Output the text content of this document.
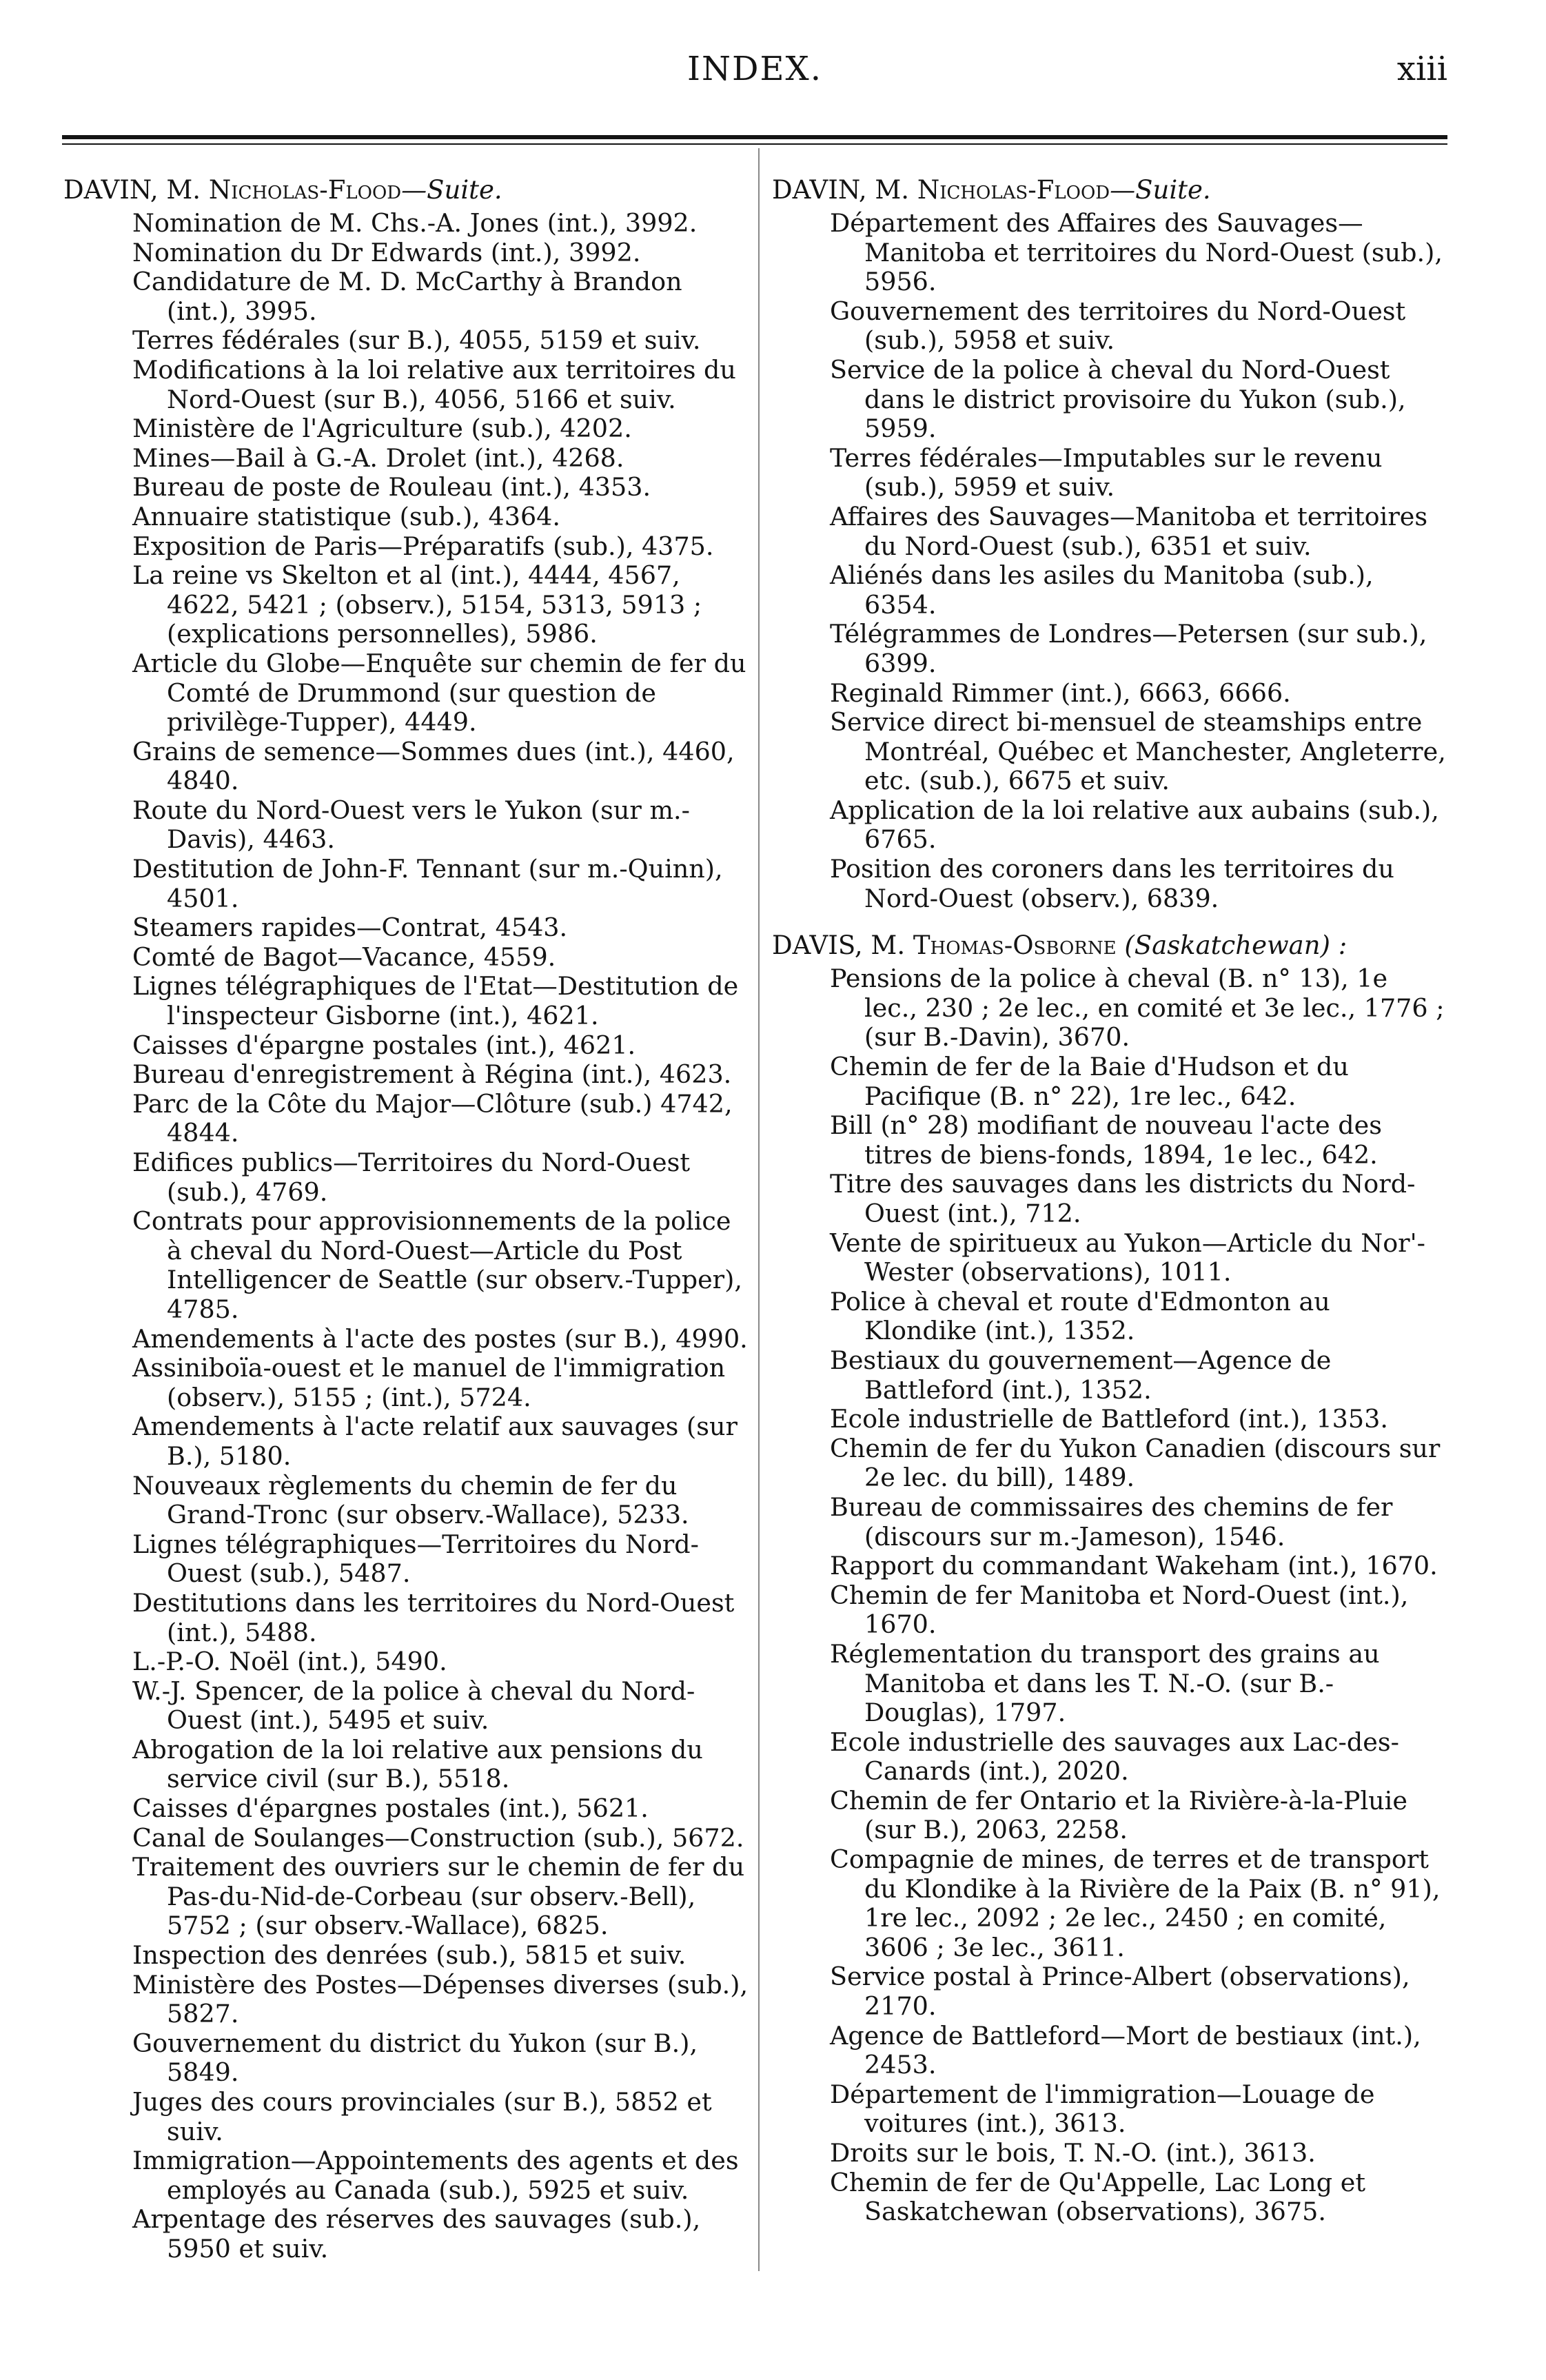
INDEX.	xiii
DAVIN, M. Nicholas-Flood—Suite.
Nomination de M. Chs.-A. Jones (int.), 3992.
Nomination du Dr Edwards (int.), 3992.
Candidature de M. D. McCarthy à Brandon (int.), 3995.
Terres fédérales (sur B.), 4055, 5159 et suiv.
Modifications à la loi relative aux territoires du Nord-Ouest (sur B.), 4056, 5166 et suiv.
Ministère de l'Agriculture (sub.), 4202.
Mines—Bail à G.-A. Drolet (int.), 4268.
Bureau de poste de Rouleau (int.), 4353.
Annuaire statistique (sub.), 4364.
Exposition de Paris—Préparatifs (sub.), 4375.
La reine vs Skelton et al (int.), 4444, 4567, 4622, 5421 ; (observ.), 5154, 5313, 5913 ; (explications personnelles), 5986.
Article du Globe—Enquête sur chemin de fer du Comté de Drummond (sur question de privilège-Tupper), 4449.
Grains de semence—Sommes dues (int.), 4460, 4840.
Route du Nord-Ouest vers le Yukon (sur m.-Davis), 4463.
Destitution de John-F. Tennant (sur m.-Quinn), 4501.
Steamers rapides—Contrat, 4543.
Comté de Bagot—Vacance, 4559.
Lignes télégraphiques de l'Etat—Destitution de l'inspecteur Gisborne (int.), 4621.
Caisses d'épargne postales (int.), 4621.
Bureau d'enregistrement à Régina (int.), 4623.
Parc de la Côte du Major—Clôture (sub.) 4742, 4844.
Edifices publics—Territoires du Nord-Ouest (sub.), 4769.
Contrats pour approvisionnements de la police à cheval du Nord-Ouest—Article du Post Intelligencer de Seattle (sur observ.-Tupper), 4785.
Amendements à l'acte des postes (sur B.), 4990.
Assiniboïa-ouest et le manuel de l'immigration (observ.), 5155 ; (int.), 5724.
Amendements à l'acte relatif aux sauvages (sur B.), 5180.
Nouveaux règlements du chemin de fer du Grand-Tronc (sur observ.-Wallace), 5233.
Lignes télégraphiques—Territoires du Nord-Ouest (sub.), 5487.
Destitutions dans les territoires du Nord-Ouest (int.), 5488.
L.-P.-O. Noël (int.), 5490.
W.-J. Spencer, de la police à cheval du Nord-Ouest (int.), 5495 et suiv.
Abrogation de la loi relative aux pensions du service civil (sur B.), 5518.
Caisses d'épargnes postales (int.), 5621.
Canal de Soulanges—Construction (sub.), 5672.
Traitement des ouvriers sur le chemin de fer du Pas-du-Nid-de-Corbeau (sur observ.-Bell), 5752 ; (sur observ.-Wallace), 6825.
Inspection des denrées (sub.), 5815 et suiv.
Ministère des Postes—Dépenses diverses (sub.), 5827.
Gouvernement du district du Yukon (sur B.), 5849.
Juges des cours provinciales (sur B.), 5852 et suiv.
Immigration—Appointements des agents et des employés au Canada (sub.), 5925 et suiv.
Arpentage des réserves des sauvages (sub.), 5950 et suiv.
DAVIN, M. Nicholas-Flood—Suite.
Département des Affaires des Sauvages—Manitoba et territoires du Nord-Ouest (sub.), 5956.
Gouvernement des territoires du Nord-Ouest (sub.), 5958 et suiv.
Service de la police à cheval du Nord-Ouest dans le district provisoire du Yukon (sub.), 5959.
Terres fédérales—Imputables sur le revenu (sub.), 5959 et suiv.
Affaires des Sauvages—Manitoba et territoires du Nord-Ouest (sub.), 6351 et suiv.
Aliénés dans les asiles du Manitoba (sub.), 6354.
Télégrammes de Londres—Petersen (sur sub.), 6399.
Reginald Rimmer (int.), 6663, 6666.
Service direct bi-mensuel de steamships entre Montréal, Québec et Manchester, Angleterre, etc. (sub.), 6675 et suiv.
Application de la loi relative aux aubains (sub.), 6765.
Position des coroners dans les territoires du Nord-Ouest (observ.), 6839.
DAVIS, M. Thomas-Osborne (Saskatchewan) :
Pensions de la police à cheval (B. n° 13), 1e lec., 230 ; 2e lec., en comité et 3e lec., 1776 ; (sur B.-Davin), 3670.
Chemin de fer de la Baie d'Hudson et du Pacifique (B. n° 22), 1re lec., 642.
Bill (n° 28) modifiant de nouveau l'acte des titres de biens-fonds, 1894, 1e lec., 642.
Titre des sauvages dans les districts du Nord-Ouest (int.), 712.
Vente de spiritueux au Yukon—Article du Nor'-Wester (observations), 1011.
Police à cheval et route d'Edmonton au Klondike (int.), 1352.
Bestiaux du gouvernement—Agence de Battleford (int.), 1352.
Ecole industrielle de Battleford (int.), 1353.
Chemin de fer du Yukon Canadien (discours sur 2e lec. du bill), 1489.
Bureau de commissaires des chemins de fer (discours sur m.-Jameson), 1546.
Rapport du commandant Wakeham (int.), 1670.
Chemin de fer Manitoba et Nord-Ouest (int.), 1670.
Réglementation du transport des grains au Manitoba et dans les T. N.-O. (sur B.-Douglas), 1797.
Ecole industrielle des sauvages aux Lac-des-Canards (int.), 2020.
Chemin de fer Ontario et la Rivière-à-la-Pluie (sur B.), 2063, 2258.
Compagnie de mines, de terres et de transport du Klondike à la Rivière de la Paix (B. n° 91), 1re lec., 2092 ; 2e lec., 2450 ; en comité, 3606 ; 3e lec., 3611.
Service postal à Prince-Albert (observations), 2170.
Agence de Battleford—Mort de bestiaux (int.), 2453.
Département de l'immigration—Louage de voitures (int.), 3613.
Droits sur le bois, T. N.-O. (int.), 3613.
Chemin de fer de Qu'Appelle, Lac Long et Saskatchewan (observations), 3675.
